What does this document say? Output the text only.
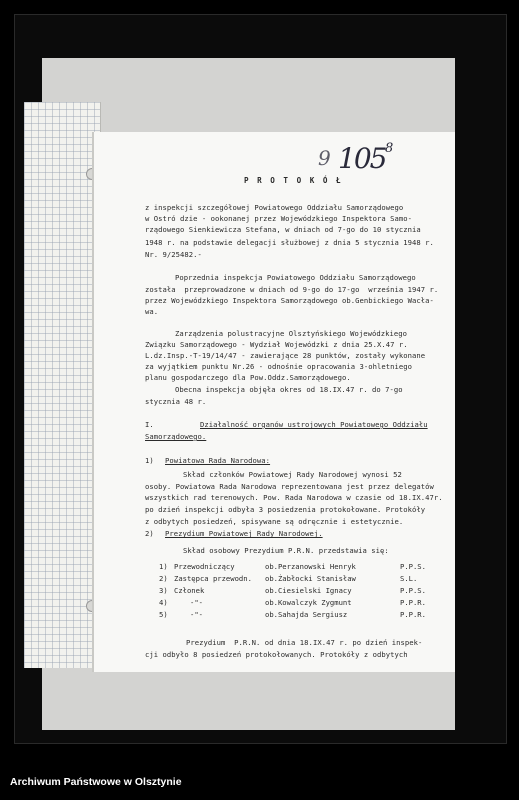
105 8
9
P R O T O K Ó Ł
z inspekcji szczegółowej Powiatowego Oddziału Samorządowego
w Ostró dzie - ookonanej przez Wojewódzkiego Inspektora Samo-
rządowego Sienkiewicza Stefana, w dniach od 7-go do 10 stycznia
1948 r. na podstawie delegacji służbowej z dnia 5 stycznia 1948 r.
Nr. 9/25482.-
Poprzednia inspekcja Powiatowego Oddziału Samorządowego
została  przeprowadzone w dniach od 9-go do 17-go  września 1947 r.
przez Wojewódzkiego Inspektora Samorządowego ob.Genbickiego Wacła-
wa.
Zarządzenia polustracyjne Olsztyńskiego Wojewódzkiego
Związku Samorządowego - Wydział Wojewódzki z dnia 25.X.47 r.
L.dz.Insp.-T-19/14/47 - zawierające 28 punktów, zostały wykonane
za wyjątkiem punktu Nr.26 - odnośnie opracowania 3-ohletniego
planu gospodarczego dla Pow.Oddz.Samorządowego.
Obecna inspekcja objęła okres od 18.IX.47 r. do 7-go
stycznia 48 r.
I.	Działalność organów ustrojowych Powiatowego Oddziału
Samorządowego.
1) Powiatowa Rada Narodowa:
Skład członków Powiatowej Rady Narodowej wynosi 52
osoby. Powiatowa Rada Narodowa reprezentowana jest przez delegatów
wszystkich rad terenowych. Pow. Rada Narodowa w czasie od 18.IX.47r.
po dzień inspekcji odbyła 3 posiedzenia protokołowane. Protokóły
z odbytych posiedzeń, spisywane są odręcznie i estetycznie.
2) Prezydium Powiatowej Rady Narodowej.
Skład osobowy Prezydium P.R.N. przedstawia się:
1) Przewodniczący	ob.Perzanowski Henryk	P.P.S.
2) Zastępca przewodn. ob.Żabłocki Stanisław	S.L.
3) Członek	ob.Ciesielski Ignacy	P.P.S.
4)	-"-	ob.Kowalczyk Zygmunt	P.P.R.
5)	-"-	ob.Sahajda Sergiusz	P.P.R.
Prezydium  P.R.N. od dnia 18.IX.47 r. po dzień inspek-
cji odbyło 8 posiedzeń protokołowanych. Protokóły z odbytych
Archiwum Państwowe w Olsztynie
